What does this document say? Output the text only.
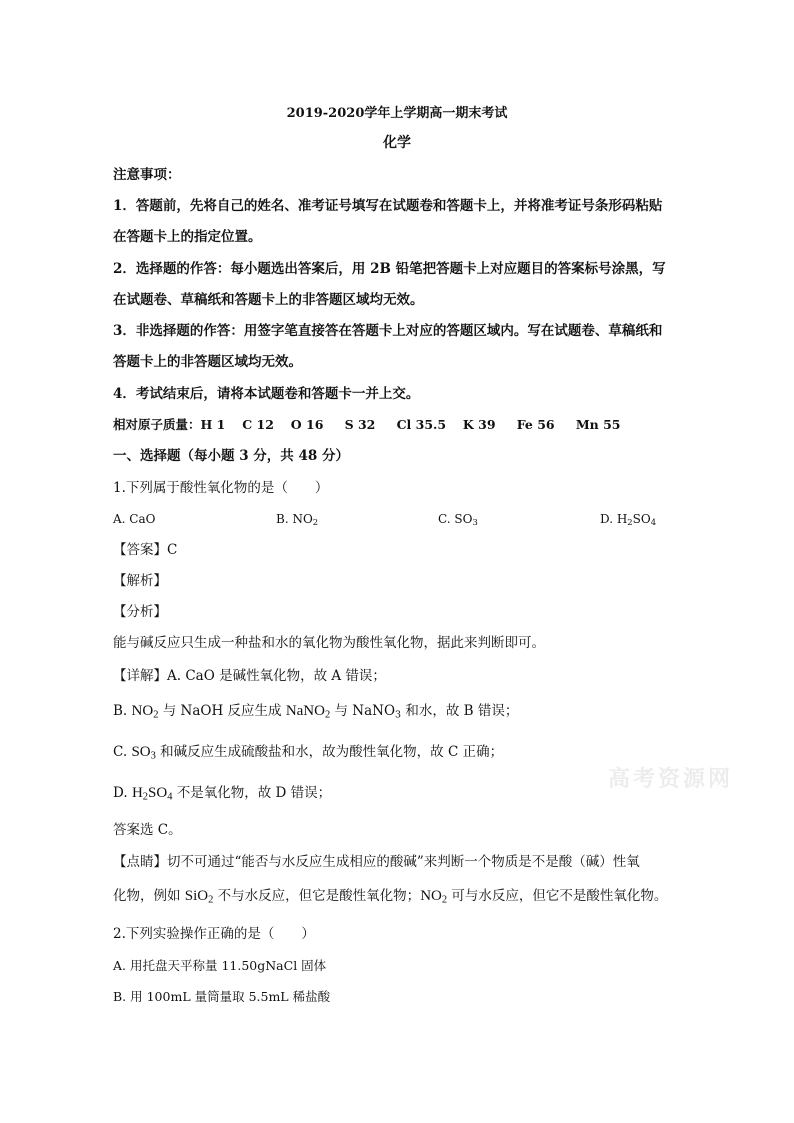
2019-2020学年上学期高一期末考试
化学
注意事项：
1．答题前，先将自己的姓名、准考证号填写在试题卷和答题卡上，并将准考证号条形码粘贴
在答题卡上的指定位置。
2．选择题的作答：每小题选出答案后，用 2B 铅笔把答题卡上对应题目的答案标号涂黑，写
在试题卷、草稿纸和答题卡上的非答题区域均无效。
3．非选择题的作答：用签字笔直接答在答题卡上对应的答题区域内。写在试题卷、草稿纸和
答题卡上的非答题区域均无效。
4．考试结束后，请将本试题卷和答题卡一并上交。
相对原子质量：H 1　 C 12 　O 16 　 S 32 　 Cl 35.5 　K 39 　 Fe 56 　 Mn 55
一、选择题（每小题 3 分，共 48 分）
1.下列属于酸性氧化物的是（　　）
A. CaO	B. $NO_2$	C. $SO_3$	D. $H_2SO_4$
【答案】C
【解析】
【分析】
能与碱反应只生成一种盐和水的氧化物为酸性氧化物，据此来判断即可。
【详解】A. CaO 是碱性氧化物，故 A 错误；
B. $NO_2$ 与 NaOH 反应生成 NaNO$_2$ 与 NaNO$_3$ 和水，故 B 错误；
C. $SO_3$ 和碱反应生成硫酸盐和水，故为酸性氧化物，故 C 正确；
高考资源网
D. $H_2SO_4$ 不是氧化物，故 D 错误；
答案选 C。
【点睛】切不可通过“能否与水反应生成相应的酸碱”来判断一个物质是不是酸（碱）性氧
化物，例如 SiO$_2$ 不与水反应，但它是酸性氧化物；$NO_2$ 可与水反应，但它不是酸性氧化物。
2.下列实验操作正确的是（　　）
A. 用托盘天平称量 11.50gNaCl 固体
B. 用 100mL 量筒量取 5.5mL 稀盐酸
